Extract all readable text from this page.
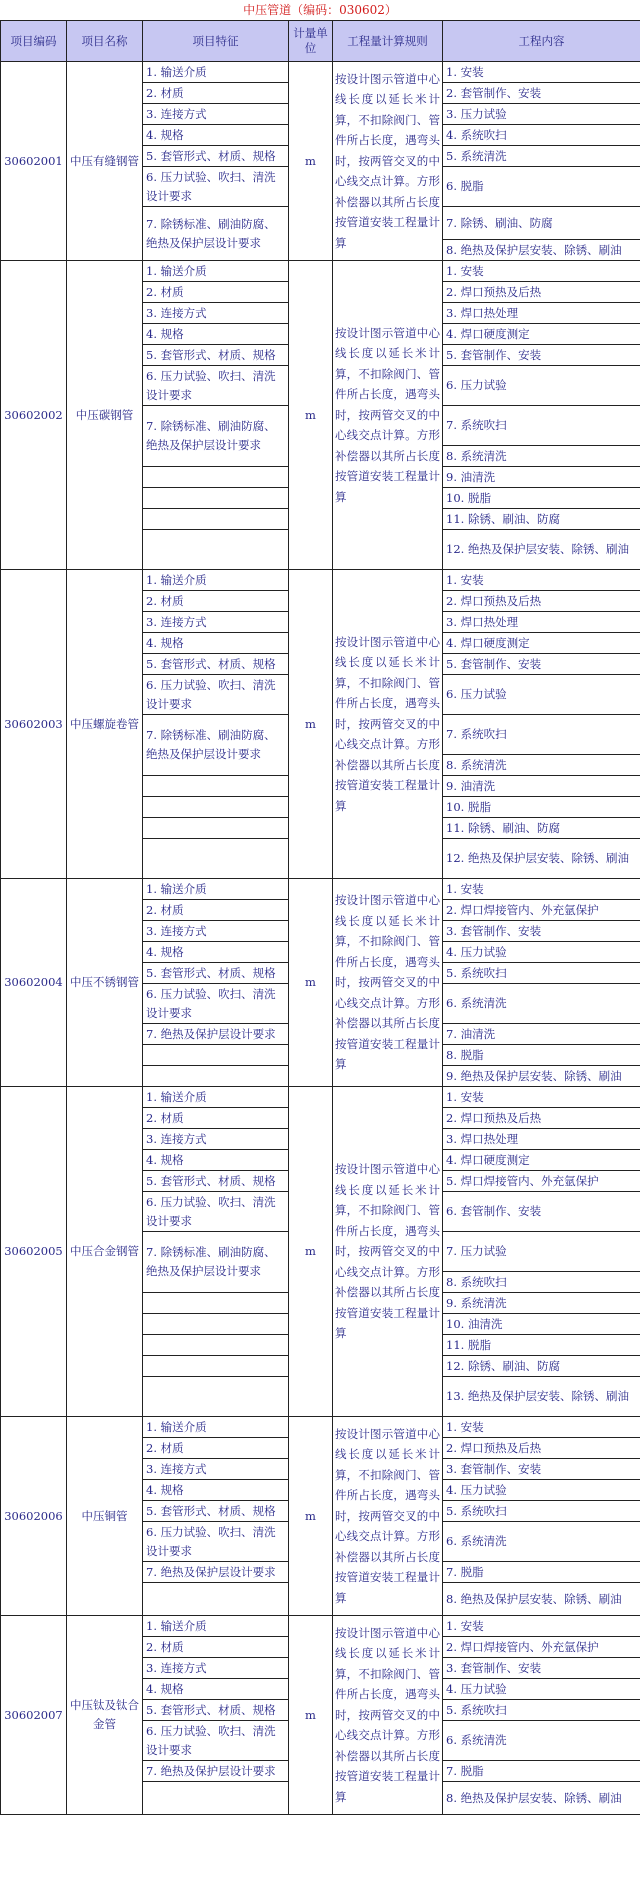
中压管道（编码：030602）
项目编码	项目名称	项目特征	计量单位	工程量计算规则	工程内容
30602001	中压有缝钢管	1. 输送介质	m	按设计图示管道中心线长度以延长米计算，不扣除阀门、管件所占长度，遇弯头时，按两管交叉的中心线交点计算。方形补偿器以其所占长度按管道安装工程量计算	1. 安装
		2. 材质			2. 套管制作、安装
		3. 连接方式			3. 压力试验
		4. 规格			4. 系统吹扫
		5. 套管形式、材质、规格			5. 系统清洗
		6. 压力试验、吹扫、清洗设计要求			6. 脱脂
		7. 除锈标准、刷油防腐、绝热及保护层设计要求			7. 除锈、刷油、防腐
					8. 绝热及保护层安装、除锈、刷油
30602002	中压碳钢管	1. 输送介质	m	按设计图示管道中心线长度以延长米计算，不扣除阀门、管件所占长度，遇弯头时，按两管交叉的中心线交点计算。方形补偿器以其所占长度按管道安装工程量计算	1. 安装
		2. 材质			2. 焊口预热及后热
		3. 连接方式			3. 焊口热处理
		4. 规格			4. 焊口硬度测定
		5. 套管形式、材质、规格			5. 套管制作、安装
		6. 压力试验、吹扫、清洗设计要求			6. 压力试验
		7. 除锈标准、刷油防腐、绝热及保护层设计要求			7. 系统吹扫
					8. 系统清洗
					9. 油清洗
					10. 脱脂
					11. 除锈、刷油、防腐
					12. 绝热及保护层安装、除锈、刷油
30602003	中压螺旋卷管	1. 输送介质	m	按设计图示管道中心线长度以延长米计算，不扣除阀门、管件所占长度，遇弯头时，按两管交叉的中心线交点计算。方形补偿器以其所占长度按管道安装工程量计算	1. 安装
		2. 材质			2. 焊口预热及后热
		3. 连接方式			3. 焊口热处理
		4. 规格			4. 焊口硬度测定
		5. 套管形式、材质、规格			5. 套管制作、安装
		6. 压力试验、吹扫、清洗设计要求			6. 压力试验
		7. 除锈标准、刷油防腐、绝热及保护层设计要求			7. 系统吹扫
					8. 系统清洗
					9. 油清洗
					10. 脱脂
					11. 除锈、刷油、防腐
					12. 绝热及保护层安装、除锈、刷油
30602004	中压不锈钢管	1. 输送介质	m	按设计图示管道中心线长度以延长米计算，不扣除阀门、管件所占长度，遇弯头时，按两管交叉的中心线交点计算。方形补偿器以其所占长度按管道安装工程量计算	1. 安装
		2. 材质			2. 焊口焊接管内、外充氩保护
		3. 连接方式			3. 套管制作、安装
		4. 规格			4. 压力试验
		5. 套管形式、材质、规格			5. 系统吹扫
		6. 压力试验、吹扫、清洗设计要求			6. 系统清洗
		7. 绝热及保护层设计要求			7. 油清洗
					8. 脱脂
					9. 绝热及保护层安装、除锈、刷油
30602005	中压合金钢管	1. 输送介质	m	按设计图示管道中心线长度以延长米计算，不扣除阀门、管件所占长度，遇弯头时，按两管交叉的中心线交点计算。方形补偿器以其所占长度按管道安装工程量计算	1. 安装
		2. 材质			2. 焊口预热及后热
		3. 连接方式			3. 焊口热处理
		4. 规格			4. 焊口硬度测定
		5. 套管形式、材质、规格			5. 焊口焊接管内、外充氩保护
		6. 压力试验、吹扫、清洗设计要求			6. 套管制作、安装
		7. 除锈标准、刷油防腐、绝热及保护层设计要求			7. 压力试验
					8. 系统吹扫
					9. 系统清洗
					10. 油清洗
					11. 脱脂
					12. 除锈、刷油、防腐
					13. 绝热及保护层安装、除锈、刷油
30602006	中压铜管	1. 输送介质	m	按设计图示管道中心线长度以延长米计算，不扣除阀门、管件所占长度，遇弯头时，按两管交叉的中心线交点计算。方形补偿器以其所占长度按管道安装工程量计算	1. 安装
		2. 材质			2. 焊口预热及后热
		3. 连接方式			3. 套管制作、安装
		4. 规格			4. 压力试验
		5. 套管形式、材质、规格			5. 系统吹扫
		6. 压力试验、吹扫、清洗设计要求			6. 系统清洗
		7. 绝热及保护层设计要求			7. 脱脂
					8. 绝热及保护层安装、除锈、刷油
30602007	中压钛及钛合金管	1. 输送介质	m	按设计图示管道中心线长度以延长米计算，不扣除阀门、管件所占长度，遇弯头时，按两管交叉的中心线交点计算。方形补偿器以其所占长度按管道安装工程量计算	1. 安装
		2. 材质			2. 焊口焊接管内、外充氩保护
		3. 连接方式			3. 套管制作、安装
		4. 规格			4. 压力试验
		5. 套管形式、材质、规格			5. 系统吹扫
		6. 压力试验、吹扫、清洗设计要求			6. 系统清洗
		7. 绝热及保护层设计要求			7. 脱脂
					8. 绝热及保护层安装、除锈、刷油
